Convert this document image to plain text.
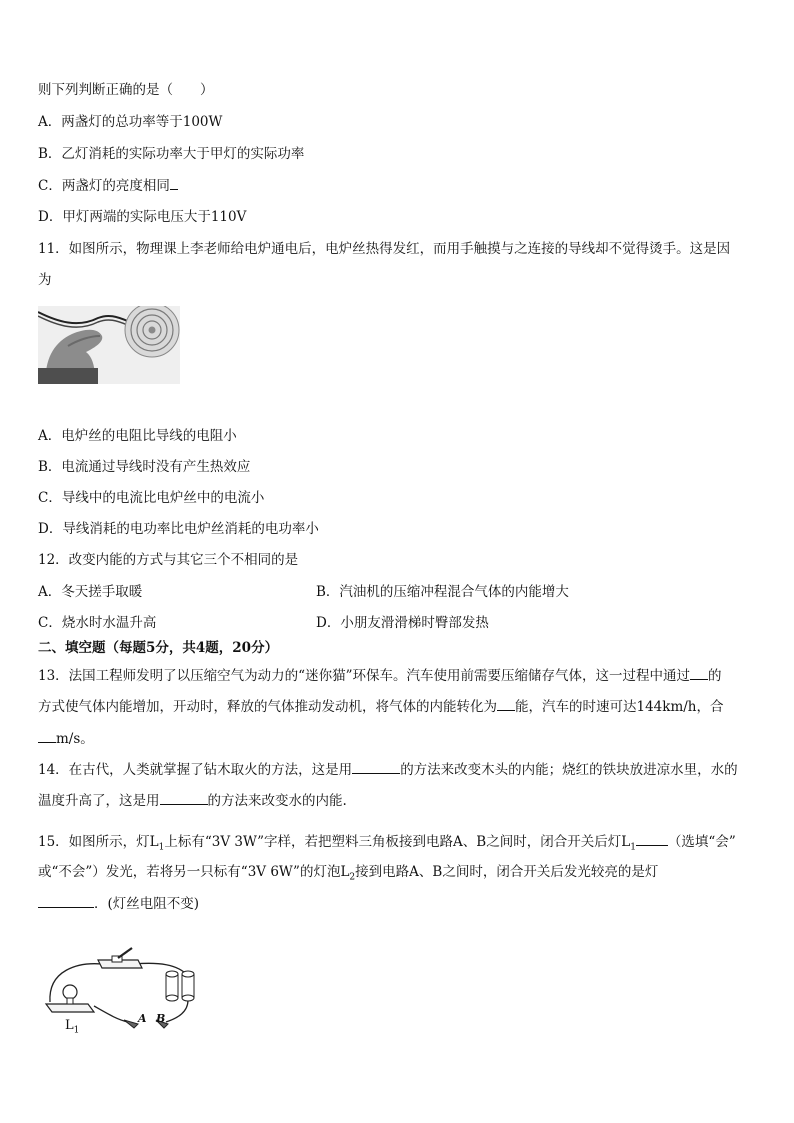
则下列判断正确的是（　　）
A．两盏灯的总功率等于100W
B．乙灯消耗的实际功率大于甲灯的实际功率
C．两盏灯的亮度相同
D．甲灯两端的实际电压大于110V
11．如图所示，物理课上李老师给电炉通电后，电炉丝热得发红，而用手触摸与之连接的导线却不觉得烫手。这是因
为
A．电炉丝的电阻比导线的电阻小
B．电流通过导线时没有产生热效应
C．导线中的电流比电炉丝中的电流小
D．导线消耗的电功率比电炉丝消耗的电功率小
12．改变内能的方式与其它三个不相同的是
A．冬天搓手取暖	B．汽油机的压缩冲程混合气体的内能增大
C．烧水时水温升高	D．小朋友滑滑梯时臀部发热
二、填空题（每题5分，共4题，20分）
13．法国工程师发明了以压缩空气为动力的“迷你猫”环保车。汽车使用前需要压缩储存气体，这一过程中通过 的
方式使气体内能增加，开动时，释放的气体推动发动机，将气体的内能转化为 能，汽车的时速可达144km/h，合
m/s。
14．在古代，人类就掌握了钻木取火的方法，这是用	的方法来改变木头的内能；烧红的铁块放进凉水里，水的
温度升高了，这是用	的方法来改变水的内能.
15．如图所示，灯$L_1$上标有“3V 3W”字样，若把塑料三角板接到电路A、B之间时，闭合开关后灯$L_1$ （选填“会”
或“不会”）发光，若将另一只标有“3V 6W”的灯泡$L_2$接到电路A、B之间时，闭合开关后发光较亮的是灯
．(灯丝电阻不变)
$L_1$
A B
